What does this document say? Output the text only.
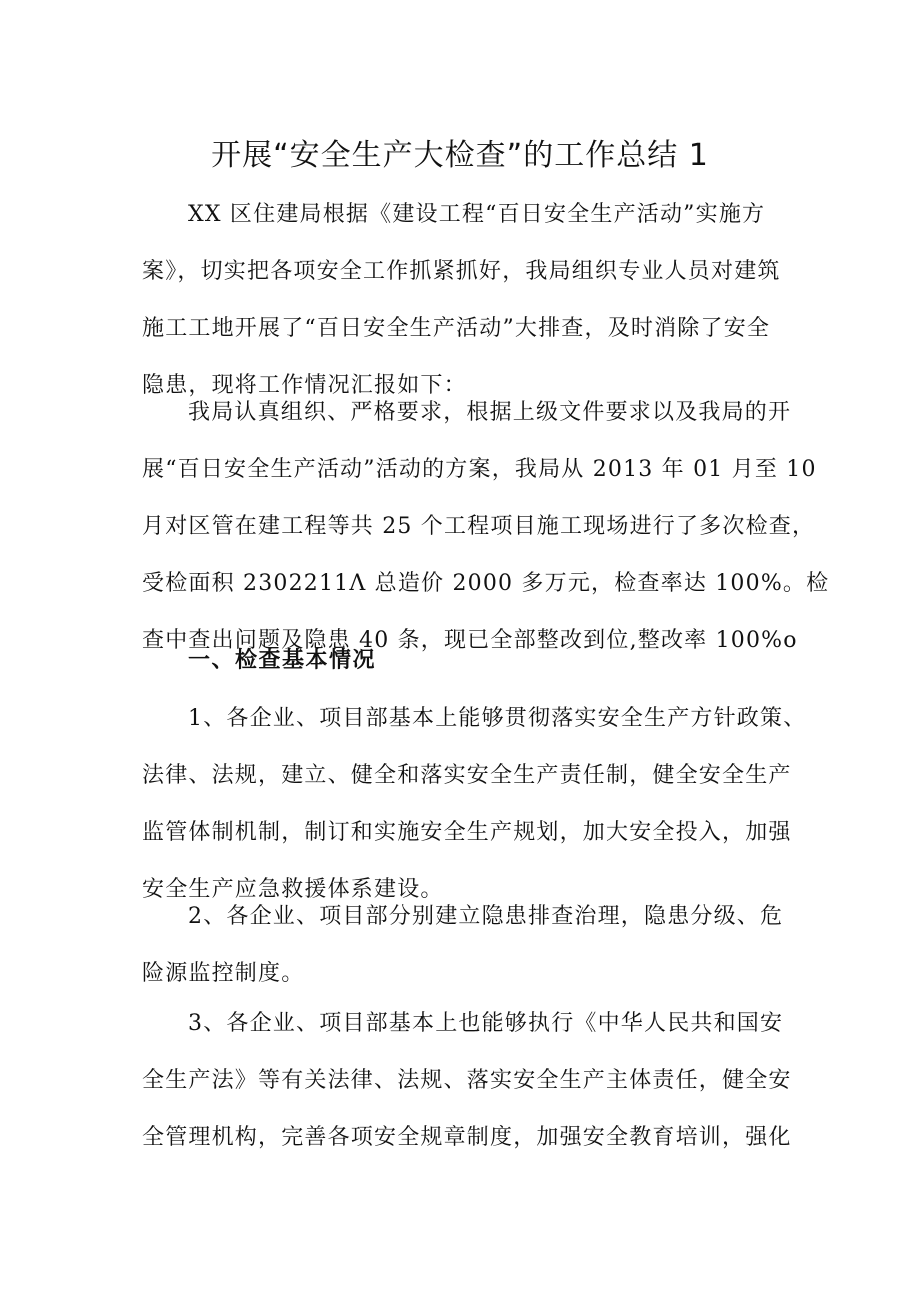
开展“安全生产大检查”的工作总结 1
XX 区住建局根据《建设工程“百日安全生产活动”实施方
案》，切实把各项安全工作抓紧抓好，我局组织专业人员对建筑
施工工地开展了“百日安全生产活动”大排查，及时消除了安全
隐患，现将工作情况汇报如下：
我局认真组织、严格要求，根据上级文件要求以及我局的开
展“百日安全生产活动”活动的方案，我局从 2013 年 01 月至 10
月对区管在建工程等共 25 个工程项目施工现场进行了多次检查，
受检面积 2302211Λ 总造价 2000 多万元，检查率达 100%。检
查中查出问题及隐患 40 条，现已全部整改到位,整改率 100%o
一、检查基本情况
1、各企业、项目部基本上能够贯彻落实安全生产方针政策、
法律、法规，建立、健全和落实安全生产责任制，健全安全生产
监管体制机制，制订和实施安全生产规划，加大安全投入，加强
安全生产应急救援体系建设。
2、各企业、项目部分别建立隐患排查治理，隐患分级、危
险源监控制度。
3、各企业、项目部基本上也能够执行《中华人民共和国安
全生产法》等有关法律、法规、落实安全生产主体责任，健全安
全管理机构，完善各项安全规章制度，加强安全教育培训，强化
